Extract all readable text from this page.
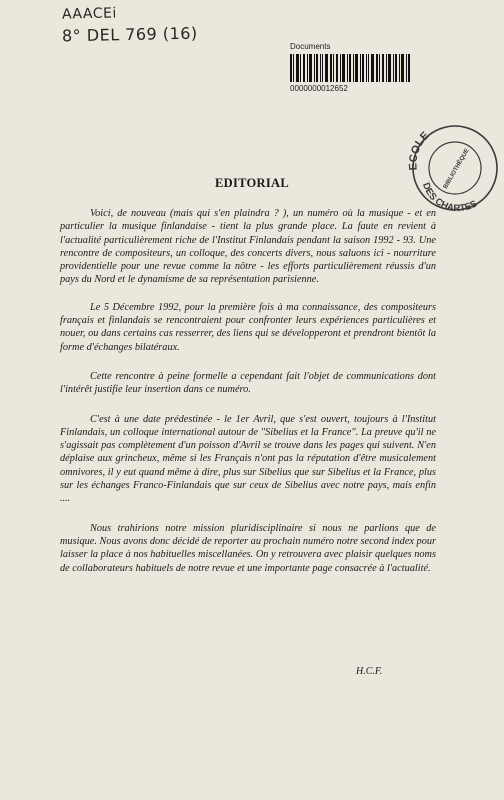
AAACEi
8° DEL 769 (16)
Documents
0000000012652
ECOLE
DES CHARTES
BIBLIOTHÈQUE
EDITORIAL

Voici, de nouveau (mais qui s'en plaindra ? ), un numéro où la musique - et en particulier la musique finlandaise - tient la plus grande place. La faute en revient à l'actualité particulièrement riche de l'Institut Finlandais pendant la saison 1992 - 93. Une rencontre de compositeurs, un colloque, des concerts divers, nous saluons ici - nourriture providentielle pour une revue comme la nôtre - les efforts particulièrement réussis d'un pays du Nord et le dynamisme de sa représentation parisienne.

Le 5 Décembre 1992, pour la première fois à ma connaissance, des compositeurs français et finlandais se rencontraient pour confronter leurs expériences particulières et nouer, ou dans certains cas resserrer, des liens qui se développeront et prendront bientôt la forme d'échanges bilatéraux.

Cette rencontre à peine formelle a cependant fait l'objet de communications dont l'intérêt justifie leur insertion dans ce numéro.

C'est à une date prédestinée - le 1er Avril, que s'est ouvert, toujours à l'Institut Finlandais, un colloque international autour de "Sibelius et la France". La preuve qu'il ne s'agissait pas complètement d'un poisson d'Avril se trouve dans les pages qui suivent. N'en déplaise aux grincheux, même si les Français n'ont pas la réputation d'être musicalement omnivores, il y eut quand même à dire, plus sur Sibelius que sur Sibelius et la France, plus sur les échanges Franco-Finlandais que sur ceux de Sibelius avec notre pays, mais enfin ....

Nous trahirions notre mission pluridisciplinaire si nous ne parlions que de musique. Nous avons donc décidé de reporter au prochain numéro notre second index pour laisser la place à nos habituelles miscellanées. On y retrouvera avec plaisir quelques noms de collaborateurs habituels de notre revue et une importante page consacrée à l'actualité.

H.C.F.
